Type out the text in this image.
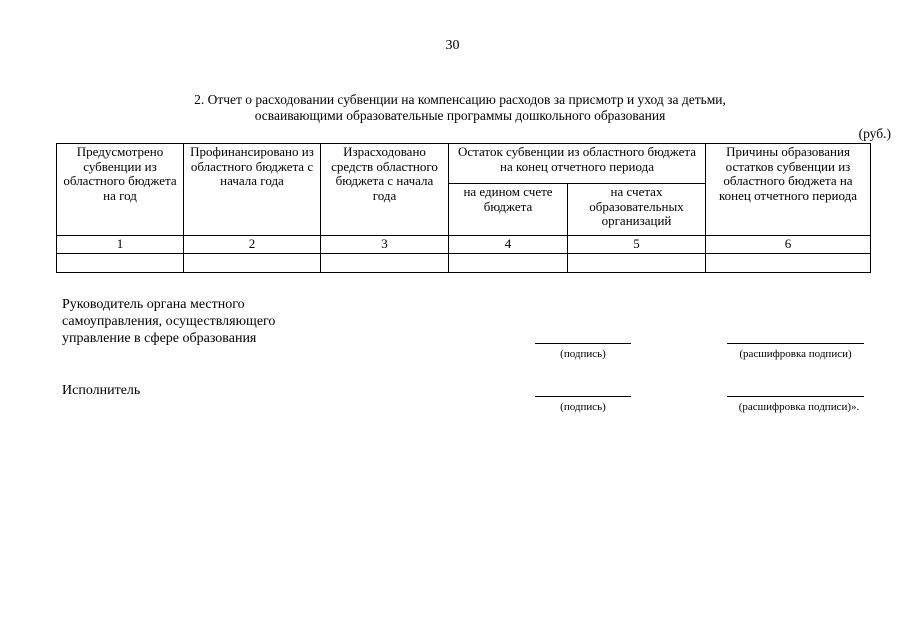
30
2. Отчет о расходовании субвенции на компенсацию расходов за присмотр и уход за детьми,
осваивающими образовательные программы дошкольного образования
(руб.)
Предусмотрено субвенции из областного бюджета на год	Профинансировано из областного бюджета с начала года	Израсходовано средств областного бюджета с начала года	Остаток субвенции из областного бюджета на конец отчетного периода		Причины образования остатков субвенции из областного бюджета на конец отчетного периода
			на едином счете бюджета	на счетах образовательных организаций	
1	2	3	4	5	6

Руководитель органа местного
самоуправления, осуществляющего
управление в сфере образования
(подпись)	(расшифровка подписи)
Исполнитель
(подпись)	(расшифровка подписи)».
